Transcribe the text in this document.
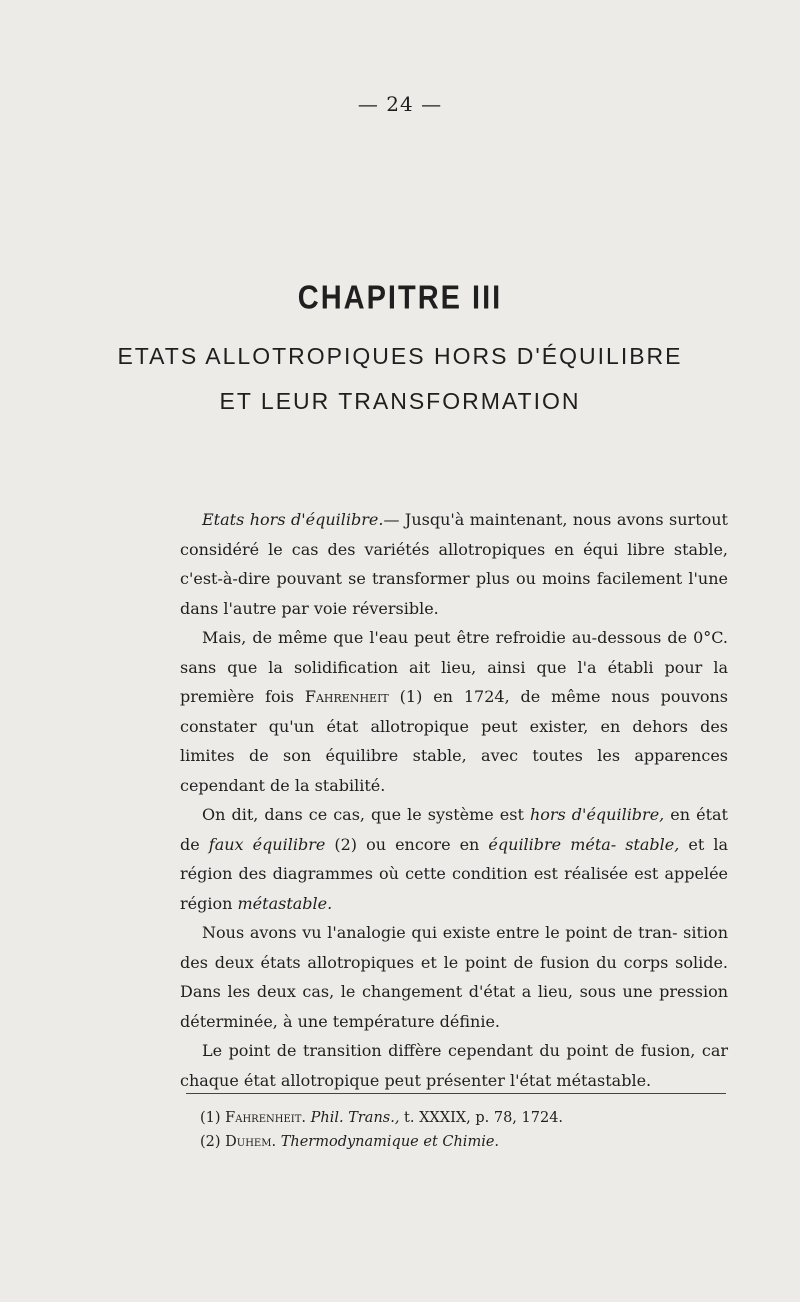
— 24 —
CHAPITRE III
ETATS ALLOTROPIQUES HORS D'ÉQUILIBRE
ET LEUR TRANSFORMATION

Etats hors d'équilibre.— Jusqu'à maintenant, nous avons surtout considéré le cas des variétés allotropiques en équi libre stable, c'est-à-dire pouvant se transformer plus ou moins facilement l'une dans l'autre par voie réversible.

Mais, de même que l'eau peut être refroidie au-dessous de 0°C. sans que la solidification ait lieu, ainsi que l'a établi pour la première fois Fahrenheit (1) en 1724, de même nous pouvons constater qu'un état allotropique peut exister, en dehors des limites de son équilibre stable, avec toutes les apparences cependant de la stabilité.

On dit, dans ce cas, que le système est hors d'équilibre, en état de faux équilibre (2) ou encore en équilibre méta- stable, et la région des diagrammes où cette condition est réalisée est appelée région métastable.

Nous avons vu l'analogie qui existe entre le point de tran- sition des deux états allotropiques et le point de fusion du corps solide. Dans les deux cas, le changement d'état a lieu, sous une pression déterminée, à une température définie.

Le point de transition diffère cependant du point de fusion, car chaque état allotropique peut présenter l'état métastable.

(1) Fahrenheit. Phil. Trans., t. XXXIX, p. 78, 1724.
(2) Duhem. Thermodynamique et Chimie.
